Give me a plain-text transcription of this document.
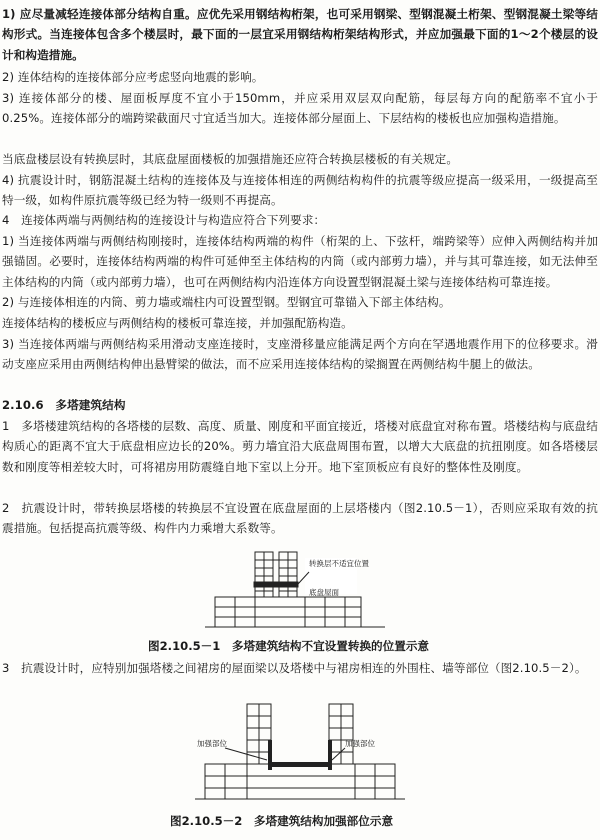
1) 应尽量减轻连接体部分结构自重。应优先采用钢结构桁架，也可采用钢梁、型钢混凝土桁架、型钢混凝土梁等结构形式。当连接体包含多个楼层时，最下面的一层宜采用钢结构桁架结构形式，并应加强最下面的1～2个楼层的设计和构造措施。

2) 连体结构的连接体部分应考虑竖向地震的影响。

3) 连接体部分的楼、屋面板厚度不宜小于150mm，并应采用双层双向配筋，每层每方向的配筋率不宜小于0.25%。连接体部分的端跨梁截面尺寸宜适当加大。连接体部分屋面上、下层结构的楼板也应加强构造措施。

当底盘楼层设有转换层时，其底盘屋面楼板的加强措施还应符合转换层楼板的有关规定。

4) 抗震设计时，钢筋混凝土结构的连接体及与连接体相连的两侧结构构件的抗震等级应提高一级采用，一级提高至特一级，如构件原抗震等级已经为特一级则不再提高。

4　连接体两端与两侧结构的连接设计与构造应符合下列要求：

1) 当连接体两端与两侧结构刚接时，连接体结构两端的构件（桁架的上、下弦杆，端跨梁等）应伸入两侧结构并加强锚固。必要时，连接体结构两端的构件可延伸至主体结构的内筒（或内部剪力墙），并与其可靠连接，如无法伸至主体结构的内筒（或内部剪力墙），也可在两侧结构内沿连体方向设置型钢混凝土梁与连接体结构可靠连接。

2) 与连接体相连的内筒、剪力墙或端柱内可设置型钢。型钢宜可靠锚入下部主体结构。

连接体结构的楼板应与两侧结构的楼板可靠连接，并加强配筋构造。

3) 当连接体两端与两侧结构采用滑动支座连接时，支座滑移量应能满足两个方向在罕遇地震作用下的位移要求。滑动支座应采用由两侧结构伸出悬臂梁的做法，而不应采用连接体结构的梁搁置在两侧结构牛腿上的做法。

2.10.6　多塔建筑结构

1　多塔楼建筑结构的各塔楼的层数、高度、质量、刚度和平面宜接近，塔楼对底盘宜对称布置。塔楼结构与底盘结构质心的距离不宜大于底盘相应边长的20%。剪力墙宜沿大底盘周围布置，以增大大底盘的抗扭刚度。如各塔楼层数和刚度等相差较大时，可将裙房用防震缝自地下室以上分开。地下室顶板应有良好的整体性及刚度。

2　抗震设计时，带转换层塔楼的转换层不宜设置在底盘屋面的上层塔楼内（图2.10.5－1），否则应采取有效的抗震措施。包括提高抗震等级、构件内力乘增大系数等。

转换层不适宜位置
底盘屋面
图2.10.5－1　多塔建筑结构不宜设置转换的位置示意

3　抗震设计时，应特别加强塔楼之间裙房的屋面梁以及塔楼中与裙房相连的外围柱、墙等部位（图2.10.5－2）。

加强部位	加强部位
图2.10.5－2　多塔建筑结构加强部位示意
